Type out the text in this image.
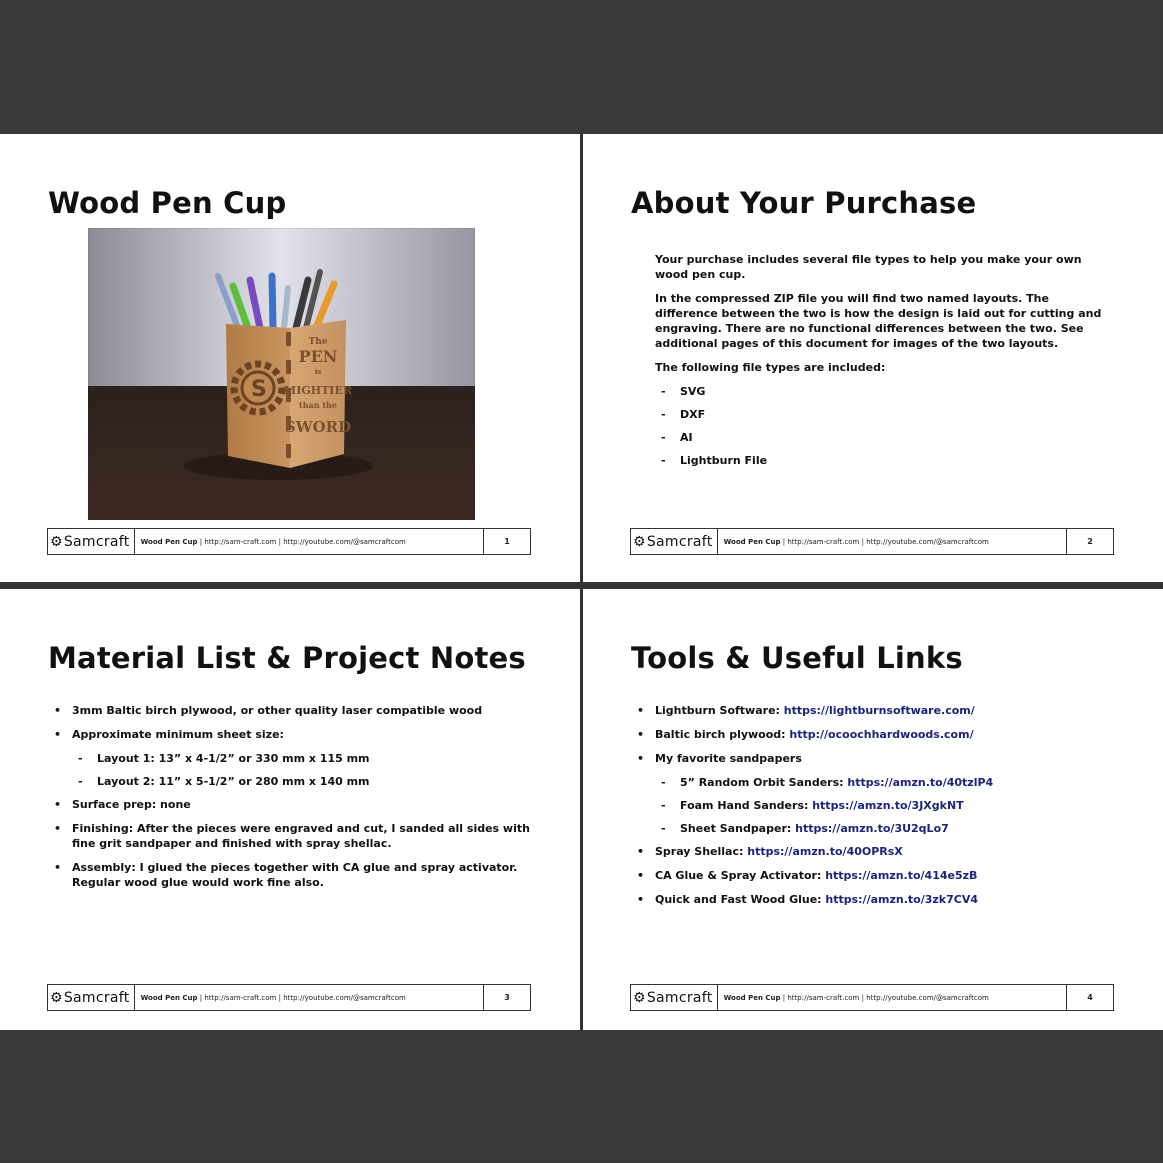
Wood Pen Cup
S
The
PEN
is
MIGHTIER
than the
SWORD
⚙ Samcraft	Wood Pen Cup | http://sam-craft.com | http://youtube.com/@samcraftcom	1
About Your Purchase

Your purchase includes several file types to help you make your own wood pen cup.

In the compressed ZIP file you will find two named layouts. The difference between the two is how the design is laid out for cutting and engraving. There are no functional differences between the two. See additional pages of this document for images of the two layouts.

The following file types are included:

- SVG
- DXF
- AI
- Lightburn File
⚙ Samcraft	Wood Pen Cup | http://sam-craft.com | http://youtube.com/@samcraftcom	2
Material List & Project Notes
• 3mm Baltic birch plywood, or other quality laser compatible wood
• Approximate minimum sheet size:
- Layout 1: 13” x 4-1/2” or 330 mm x 115 mm
- Layout 2: 11” x 5-1/2” or 280 mm x 140 mm
• Surface prep: none
• Finishing: After the pieces were engraved and cut, I sanded all sides with fine grit sandpaper and finished with spray shellac.
• Assembly: I glued the pieces together with CA glue and spray activator. Regular wood glue would work fine also.
⚙ Samcraft	Wood Pen Cup | http://sam-craft.com | http://youtube.com/@samcraftcom	3
Tools & Useful Links
• Lightburn Software: https://lightburnsoftware.com/
• Baltic birch plywood: http://ocoochhardwoods.com/
• My favorite sandpapers
- 5” Random Orbit Sanders: https://amzn.to/40tzlP4
- Foam Hand Sanders: https://amzn.to/3JXgkNT
- Sheet Sandpaper: https://amzn.to/3U2qLo7
• Spray Shellac: https://amzn.to/40OPRsX
• CA Glue & Spray Activator: https://amzn.to/414e5zB
• Quick and Fast Wood Glue: https://amzn.to/3zk7CV4
⚙ Samcraft	Wood Pen Cup | http://sam-craft.com | http://youtube.com/@samcraftcom	4
